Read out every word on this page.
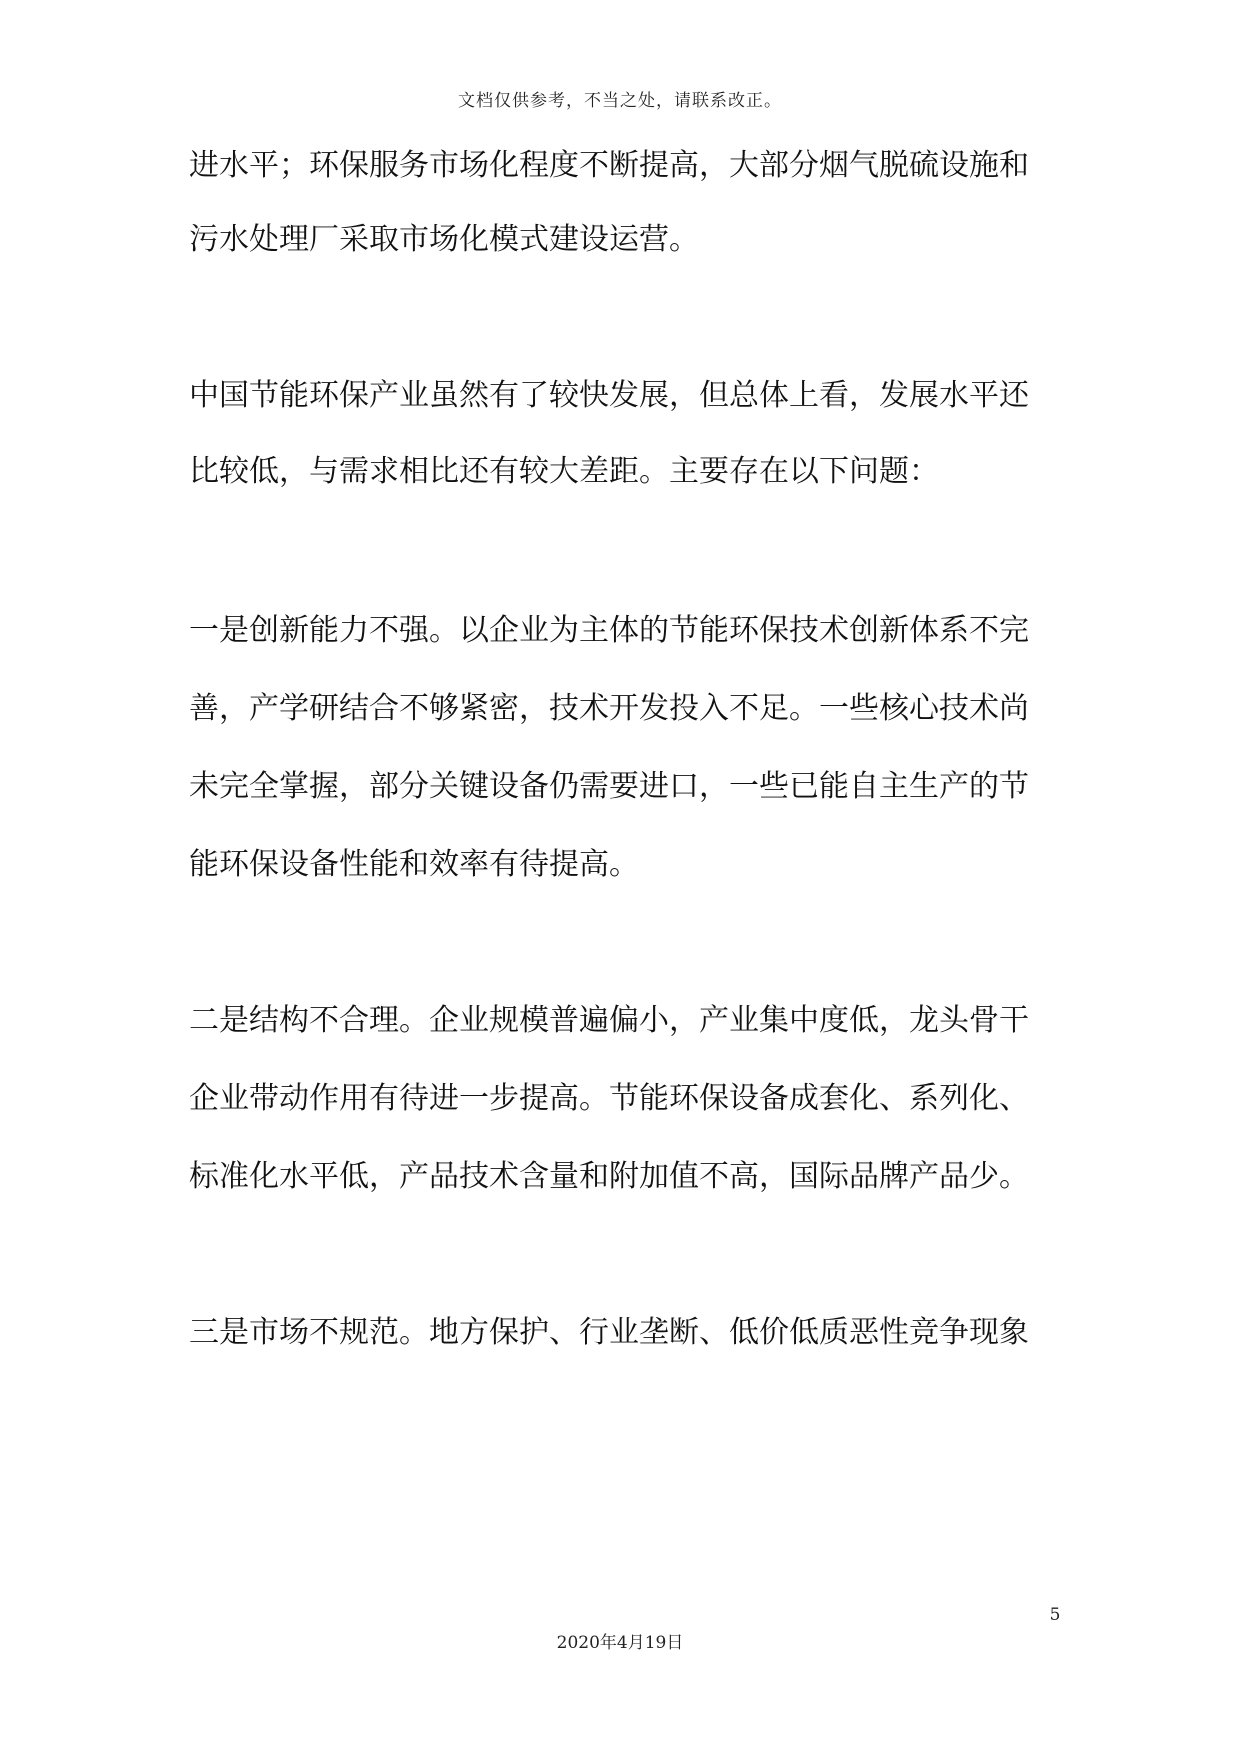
文档仅供参考，不当之处，请联系改正。
进水平；环保服务市场化程度不断提高，大部分烟气脱硫设施和
污水处理厂采取市场化模式建设运营。
中国节能环保产业虽然有了较快发展，但总体上看，发展水平还
比较低，与需求相比还有较大差距。主要存在以下问题：
一是创新能力不强。以企业为主体的节能环保技术创新体系不完
善，产学研结合不够紧密，技术开发投入不足。一些核心技术尚
未完全掌握，部分关键设备仍需要进口，一些已能自主生产的节
能环保设备性能和效率有待提高。
二是结构不合理。企业规模普遍偏小，产业集中度低，龙头骨干
企业带动作用有待进一步提高。节能环保设备成套化、系列化、
标准化水平低，产品技术含量和附加值不高，国际品牌产品少。
三是市场不规范。地方保护、行业垄断、低价低质恶性竞争现象
5
2020年4月19日
